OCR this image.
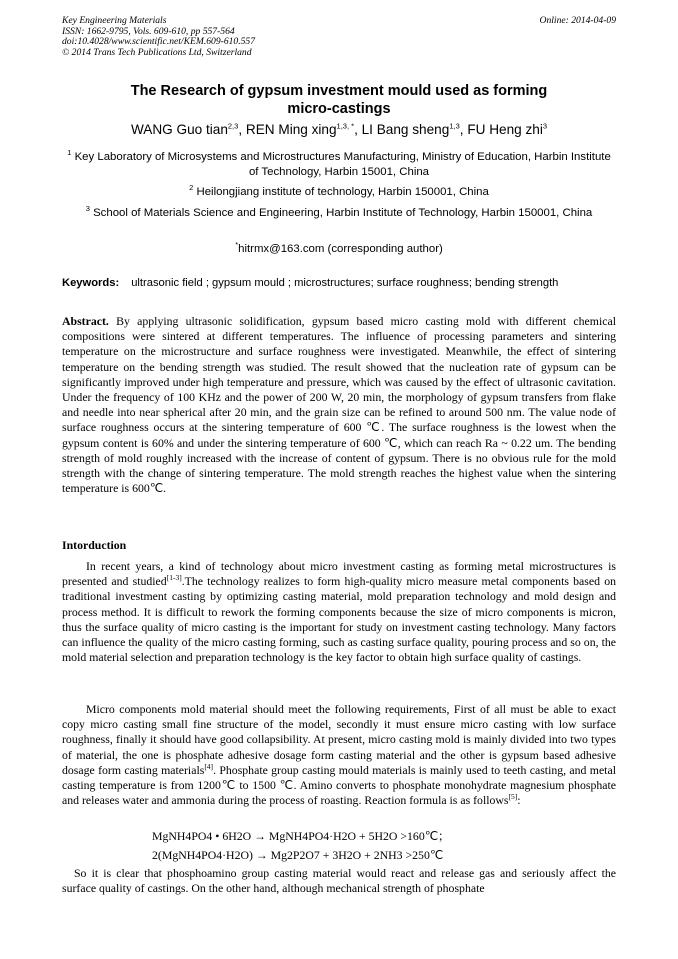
Key Engineering Materials
ISSN: 1662-9795, Vols. 609-610, pp 557-564
doi:10.4028/www.scientific.net/KEM.609-610.557
© 2014 Trans Tech Publications Ltd, Switzerland
Online: 2014-04-09
The Research of gypsum investment mould used as forming
micro-castings
WANG Guo tian$^{2,3}$, REN Ming xing$^{1,3, *}$, LI Bang sheng$^{1,3}$, FU Heng zhi$^3$
$^1$ Key Laboratory of Microsystems and Microstructures Manufacturing, Ministry of Education, Harbin Institute of Technology, Harbin 15001, China
$^2$ Heilongjiang institute of technology, Harbin 150001, China
$^3$ School of Materials Science and Engineering, Harbin Institute of Technology, Harbin 150001, China
*hitrmx@163.com (corresponding author)
Keywords: ultrasonic field ; gypsum mould ; microstructures; surface roughness; bending strength
Abstract. By applying ultrasonic solidification, gypsum based micro casting mold with different chemical compositions were sintered at different temperatures. The influence of processing parameters and sintering temperature on the microstructure and surface roughness were investigated. Meanwhile, the effect of sintering temperature on the bending strength was studied. The result showed that the nucleation rate of gypsum can be significantly improved under high temperature and pressure, which was caused by the effect of ultrasonic cavitation. Under the frequency of 100 KHz and the power of 200 W, 20 min, the morphology of gypsum transfers from flake and needle into near spherical after 20 min, and the grain size can be refined to around 500 nm. The value node of surface roughness occurs at the sintering temperature of 600 ℃. The surface roughness is the lowest when the gypsum content is 60% and under the sintering temperature of 600 ℃, which can reach Ra ~ 0.22 um. The bending strength of mold roughly increased with the increase of content of gypsum. There is no obvious rule for the mold strength with the change of sintering temperature. The mold strength reaches the highest value when the sintering temperature is 600℃.
Intorduction
In recent years, a kind of technology about micro investment casting as forming metal microstructures is presented and studied[1-3].The technology realizes to form high-quality micro measure metal components based on traditional investment casting by optimizing casting material, mold preparation technology and mold design and process method. It is difficult to rework the forming components because the size of micro components is micron, thus the surface quality of micro casting is the important for study on investment casting technology. Many factors can influence the quality of the micro casting forming, such as casting surface quality, pouring process and so on, the mold material selection and preparation technology is the key factor to obtain high surface quality of castings.
Micro components mold material should meet the following requirements, First of all must be able to exact copy micro casting small fine structure of the model, secondly it must ensure micro casting with low surface roughness, finally it should have good collapsibility. At present, micro casting mold is mainly divided into two types of material, the one is phosphate adhesive dosage form casting material and the other is gypsum based adhesive dosage form casting materials[4]. Phosphate group casting mould materials is mainly used to teeth casting, and metal casting temperature is from 1200℃ to 1500 ℃. Amino converts to phosphate monohydrate magnesium phosphate and releases water and ammonia during the process of roasting. Reaction formula is as follows[5]:
MgNH4PO4 • 6H2O → MgNH4PO4·H2O + 5H2O >160℃；
2(MgNH4PO4·H2O) → Mg2P2O7 + 3H2O + 2NH3 >250℃
So it is clear that phosphoamino group casting material would react and release gas and seriously affect the surface quality of castings. On the other hand, although mechanical strength of phosphate
